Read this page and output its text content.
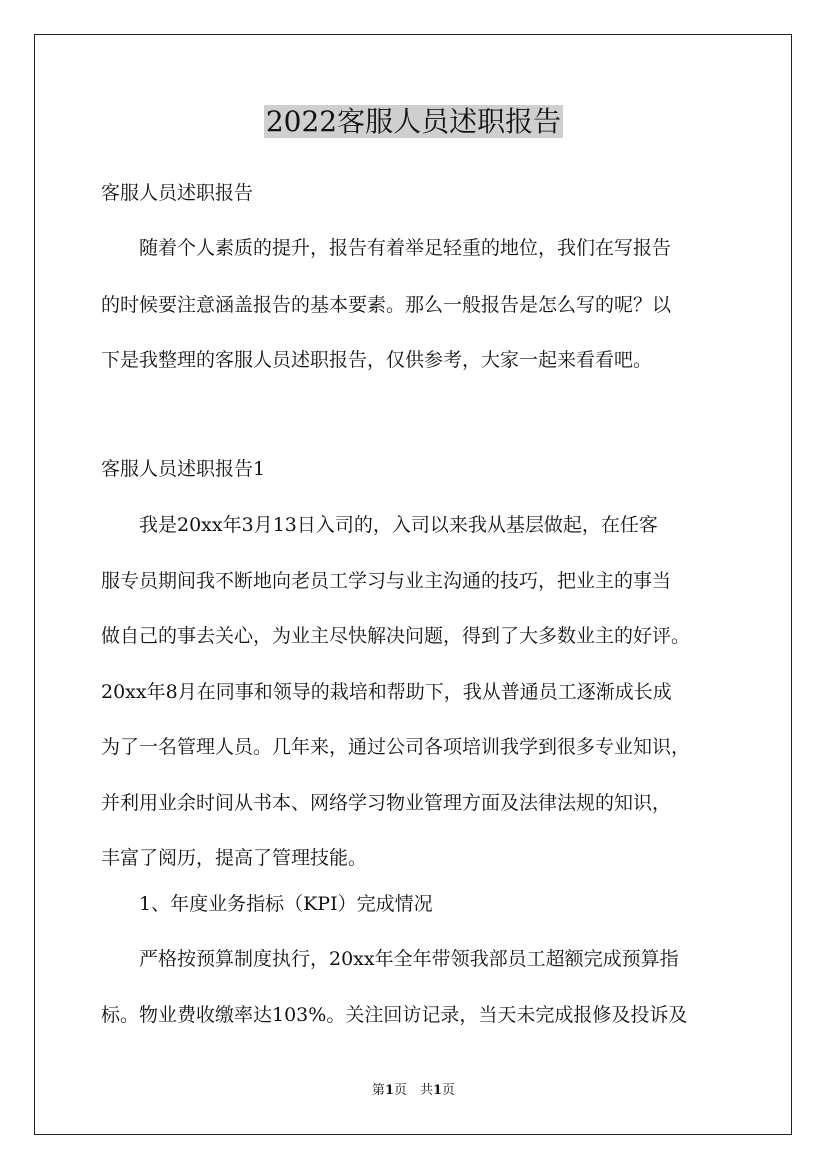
2022客服人员述职报告

客服人员述职报告

　　随着个人素质的提升，报告有着举足轻重的地位，我们在写报告

的时候要注意涵盖报告的基本要素。那么一般报告是怎么写的呢？以

下是我整理的客服人员述职报告，仅供参考，大家一起来看看吧。

客服人员述职报告1

　　我是20xx年3月13日入司的，入司以来我从基层做起，在任客

服专员期间我不断地向老员工学习与业主沟通的技巧，把业主的事当

做自己的事去关心，为业主尽快解决问题，得到了大多数业主的好评。

20xx年8月在同事和领导的栽培和帮助下，我从普通员工逐渐成长成

为了一名管理人员。几年来，通过公司各项培训我学到很多专业知识，

并利用业余时间从书本、网络学习物业管理方面及法律法规的知识，

丰富了阅历，提高了管理技能。

　　1、年度业务指标（KPI）完成情况

　　严格按预算制度执行，20xx年全年带领我部员工超额完成预算指

标。物业费收缴率达103%。关注回访记录，当天未完成报修及投诉及

第1页　共1页
